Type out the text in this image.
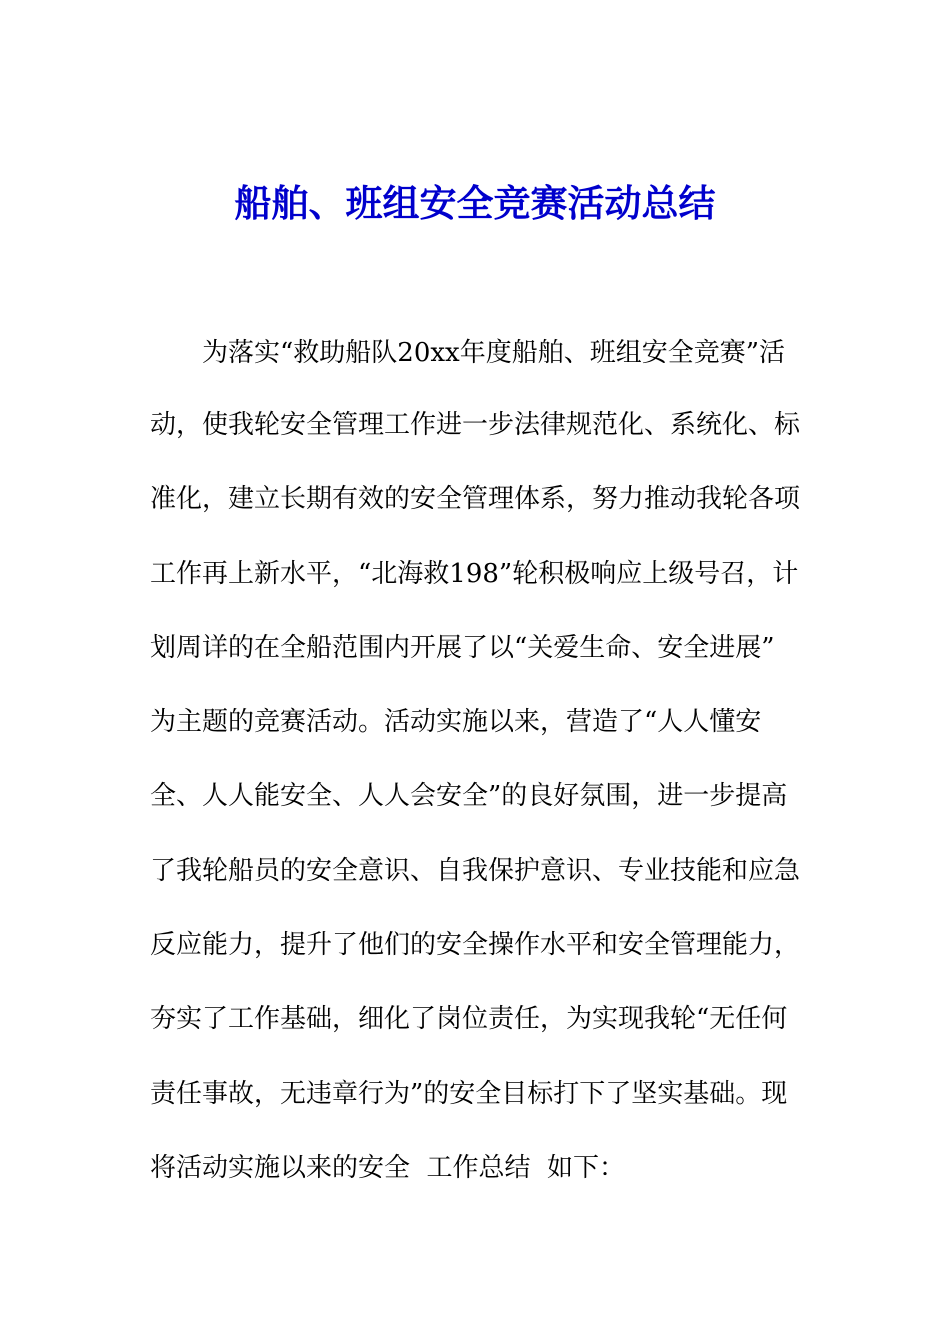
船舶、班组安全竞赛活动总结
为落实“救助船队20xx年度船舶、班组安全竞赛”活
动，使我轮安全管理工作进一步法律规范化、系统化、标
准化，建立长期有效的安全管理体系，努力推动我轮各项
工作再上新水平，“北海救198”轮积极响应上级号召，计
划周详的在全船范围内开展了以“关爱生命、安全进展”
为主题的竞赛活动。活动实施以来，营造了“人人懂安
全、人人能安全、人人会安全”的良好氛围，进一步提高
了我轮船员的安全意识、自我保护意识、专业技能和应急
反应能力，提升了他们的安全操作水平和安全管理能力，
夯实了工作基础，细化了岗位责任，为实现我轮“无任何
责任事故，无违章行为”的安全目标打下了坚实基础。现
将活动实施以来的安全  工作总结  如下：
